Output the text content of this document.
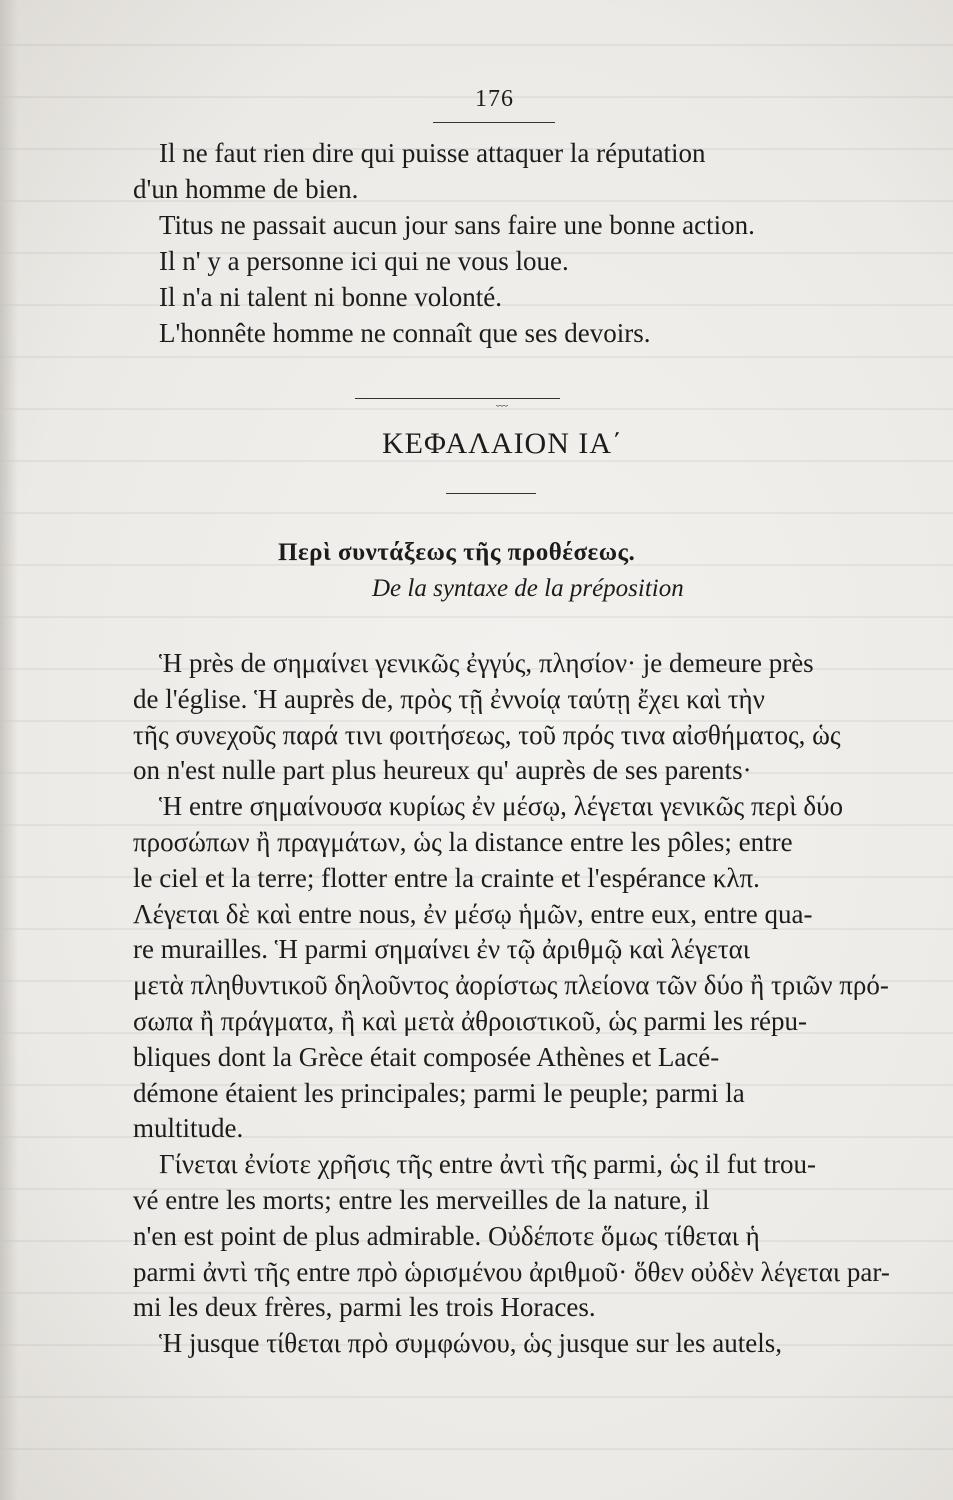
176
Il ne faut rien dire qui puisse attaquer la réputation
d'un homme de bien.
Titus ne passait aucun jour sans faire une bonne action.
Il n' y a personne ici qui ne vous loue.
Il n'a ni talent ni bonne volonté.
L'honnête homme ne connaît que ses devoirs.
﹏
ΚΕΦΑΛΑΙΟΝ ΙΑ΄
Περὶ συντάξεως τῆς προθέσεως.
De la syntaxe de la préposition
Ἡ près de σημαίνει γενικῶς ἐγγύς, πλησίον· je demeure près
de l'église. Ἡ auprès de, πρὸς τῇ ἐννοίᾳ ταύτῃ ἔχει καὶ τὴν
τῆς συνεχοῦς παρά τινι φοιτήσεως, τοῦ πρός τινα αἰσθήματος, ὡς
on n'est nulle part plus heureux qu' auprès de ses parents·
Ἡ entre σημαίνουσα κυρίως ἐν μέσῳ, λέγεται γενικῶς περὶ δύο
προσώπων ἢ πραγμάτων, ὡς la distance entre les pôles; entre
le ciel et la terre; flotter entre la crainte et l'espérance κλπ.
Λέγεται δὲ καὶ entre nous, ἐν μέσῳ ἡμῶν, entre eux, entre qua-
re murailles. Ἡ parmi σημαίνει ἐν τῷ ἀριθμῷ καὶ λέγεται
μετὰ πληθυντικοῦ δηλοῦντος ἀορίστως πλείονα τῶν δύο ἢ τριῶν πρό-
σωπα ἢ πράγματα, ἢ καὶ μετὰ ἀθροιστικοῦ, ὡς parmi les répu-
bliques dont la Grèce était composée Athènes et Lacé-
démone étaient les principales; parmi le peuple; parmi la
multitude.
Γίνεται ἐνίοτε χρῆσις τῆς entre ἀντὶ τῆς parmi, ὡς il fut trou-
vé entre les morts; entre les merveilles de la nature, il
n'en est point de plus admirable. Οὐδέποτε ὅμως τίθεται ἡ
parmi ἀντὶ τῆς entre πρὸ ὡρισμένου ἀριθμοῦ· ὅθεν οὐδὲν λέγεται par-
mi les deux frères, parmi les trois Horaces.
Ἡ jusque τίθεται πρὸ συμφώνου, ὡς jusque sur les autels,
